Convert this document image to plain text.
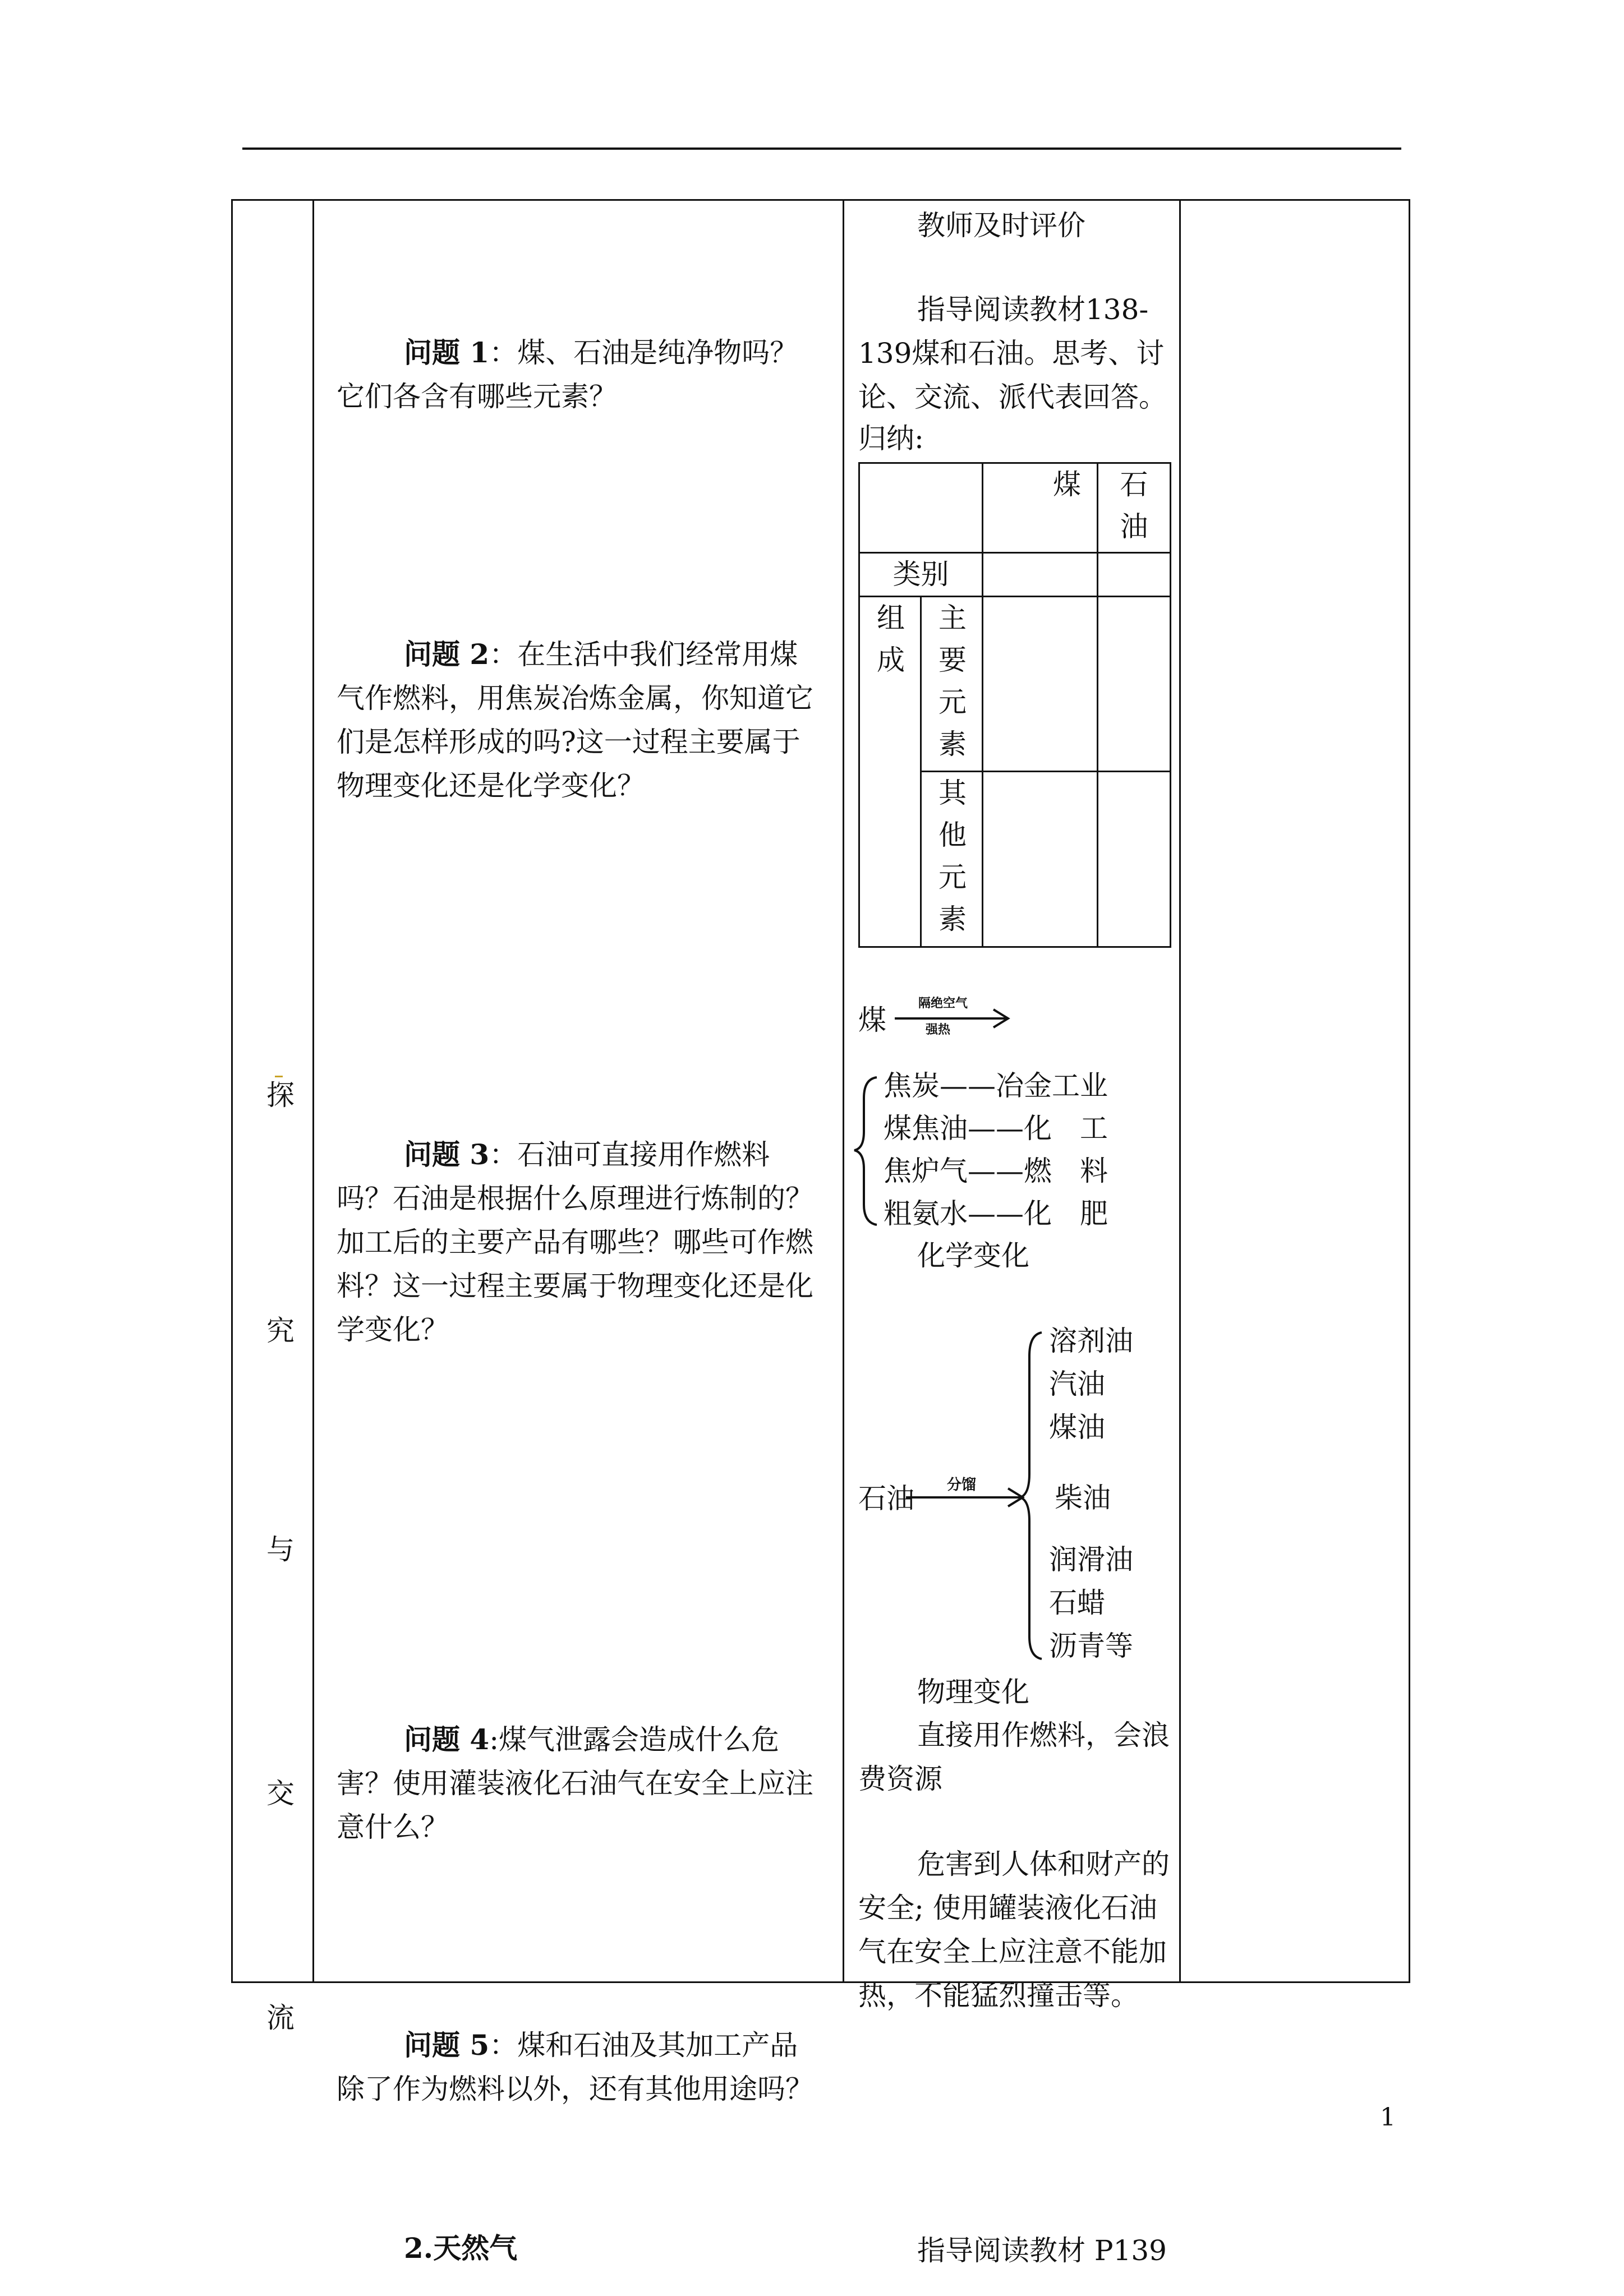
探
究
与
交
流

问题 1：煤、石油是纯净物吗？它们各含有哪些元素？
问题 2：在生活中我们经常用煤气作燃料，用焦炭冶炼金属，你知道它们是怎样形成的吗?这一过程主要属于物理变化还是化学变化？
问题 3：石油可直接用作燃料吗？石油是根据什么原理进行炼制的？加工后的主要产品有哪些？哪些可作燃料？这一过程主要属于物理变化还是化学变化？
问题 4:煤气泄露会造成什么危害？使用灌装液化石油气在安全上应注意什么？
问题 5：煤和石油及其加工产品除了作为燃料以外，还有其他用途吗？
2.天然气

教师及时评价
指导阅读教材138-139煤和石油。思考、讨论、交流、派代表回答。
归纳:
	煤	石油
类别		
组成	主要元素		
其他元素		
煤
隔绝空气
强热
焦炭——冶金工业
煤焦油——化　工
焦炉气——燃　料
粗氨水——化　肥
化学变化
石油 分馏
溶剂油
汽油
煤油
柴油
润滑油
石蜡
沥青等
物理变化
直接用作燃料，会浪费资源
危害到人体和财产的安全; 使用罐装液化石油气在安全上应注意不能加热，不能猛烈撞击等。
指导阅读教材 P139

1
